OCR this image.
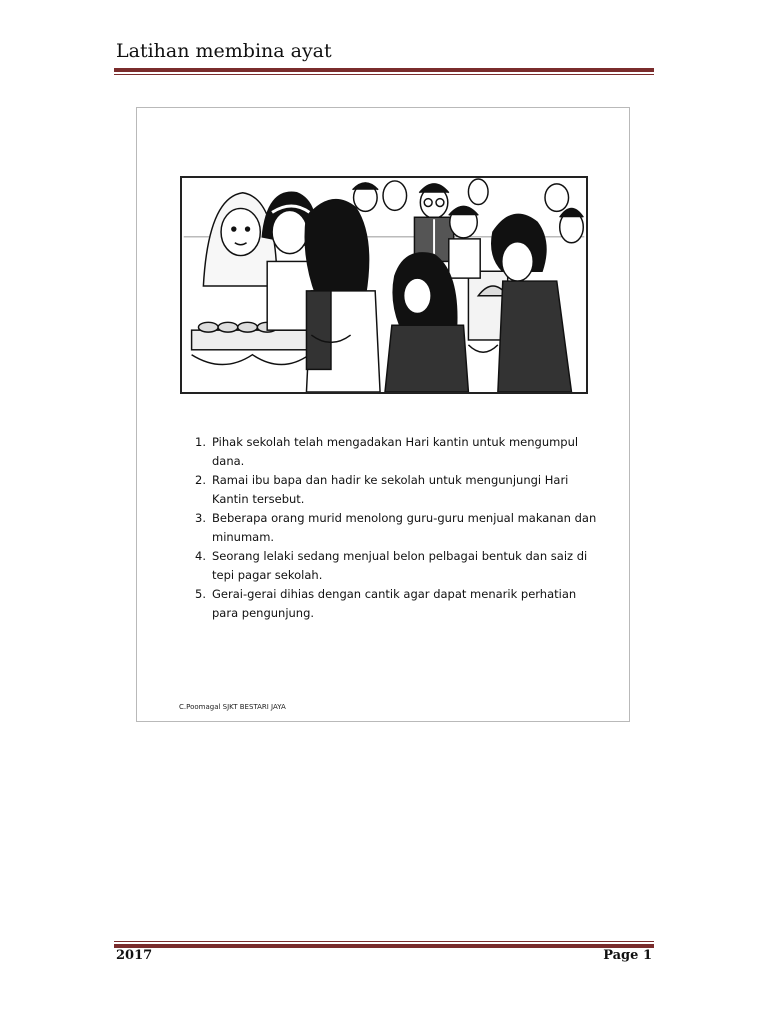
Latihan membina ayat
1. Pihak sekolah telah mengadakan Hari kantin untuk mengumpul dana.
2. Ramai ibu bapa dan hadir ke sekolah untuk mengunjungi Hari Kantin tersebut.
3. Beberapa orang murid menolong guru-guru menjual makanan dan minumam.
4. Seorang lelaki sedang menjual belon pelbagai bentuk dan saiz di tepi pagar sekolah.
5. Gerai-gerai dihias dengan cantik agar dapat menarik perhatian para pengunjung.
C.Poomagal SJKT BESTARI JAYA
2017	Page 1
